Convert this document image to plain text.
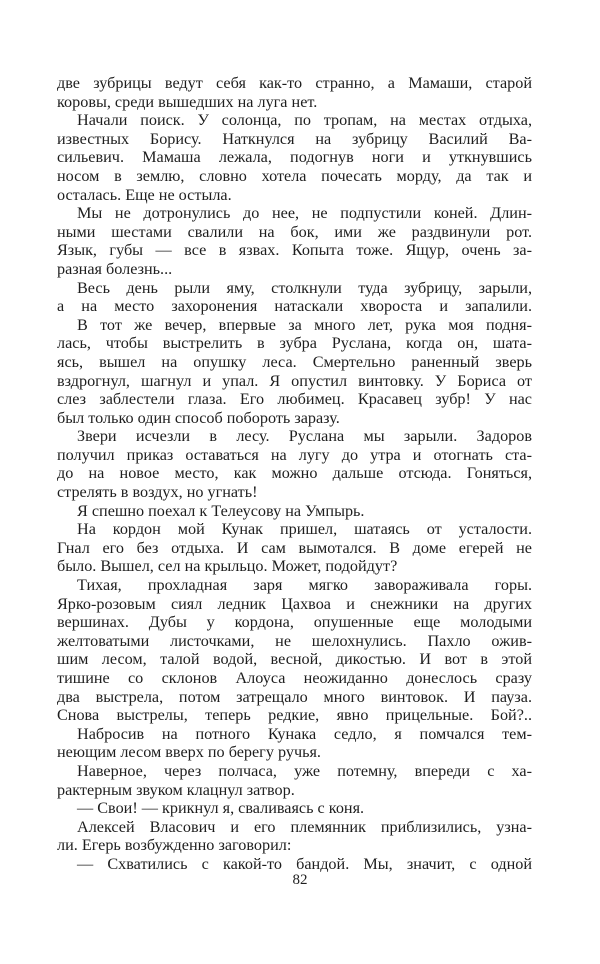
две зубрицы ведут себя как-то странно, а Мамаши, старой
коровы, среди вышедших на луга нет.
Начали поиск. У солонца, по тропам, на местах отдыха,
известных Борису. Наткнулся на зубрицу Василий Ва-
сильевич. Мамаша лежала, подогнув ноги и уткнувшись
носом в землю, словно хотела почесать морду, да так и
осталась. Еще не остыла.
Мы не дотронулись до нее, не подпустили коней. Длин-
ными шестами свалили на бок, ими же раздвинули рот.
Язык, губы — все в язвах. Копыта тоже. Ящур, очень за-
разная болезнь...
Весь день рыли яму, столкнули туда зубрицу, зарыли,
а на место захоронения натаскали хвороста и запалили.
В тот же вечер, впервые за много лет, рука моя подня-
лась, чтобы выстрелить в зубра Руслана, когда он, шата-
ясь, вышел на опушку леса. Смертельно раненный зверь
вздрогнул, шагнул и упал. Я опустил винтовку. У Бориса от
слез заблестели глаза. Его любимец. Красавец зубр! У нас
был только один способ побороть заразу.
Звери исчезли в лесу. Руслана мы зарыли. Задоров
получил приказ оставаться на лугу до утра и отогнать ста-
до на новое место, как можно дальше отсюда. Гоняться,
стрелять в воздух, но угнать!
Я спешно поехал к Телеусову на Умпырь.
На кордон мой Кунак пришел, шатаясь от усталости.
Гнал его без отдыха. И сам вымотался. В доме егерей не
было. Вышел, сел на крыльцо. Может, подойдут?
Тихая, прохладная заря мягко завораживала горы.
Ярко-розовым сиял ледник Цахвоа и снежники на других
вершинах. Дубы у кордона, опушенные еще молодыми
желтоватыми листочками, не шелохнулись. Пахло ожив-
шим лесом, талой водой, весной, дикостью. И вот в этой
тишине со склонов Алоуса неожиданно донеслось сразу
два выстрела, потом затрещало много винтовок. И пауза.
Снова выстрелы, теперь редкие, явно прицельные. Бой?..
Набросив на потного Кунака седло, я помчался тем-
неющим лесом вверх по берегу ручья.
Наверное, через полчаса, уже потемну, впереди с ха-
рактерным звуком клацнул затвор.
— Свои! — крикнул я, сваливаясь с коня.
Алексей Власович и его племянник приблизились, узна-
ли. Егерь возбужденно заговорил:
— Схватились с какой-то бандой. Мы, значит, с одной
82
